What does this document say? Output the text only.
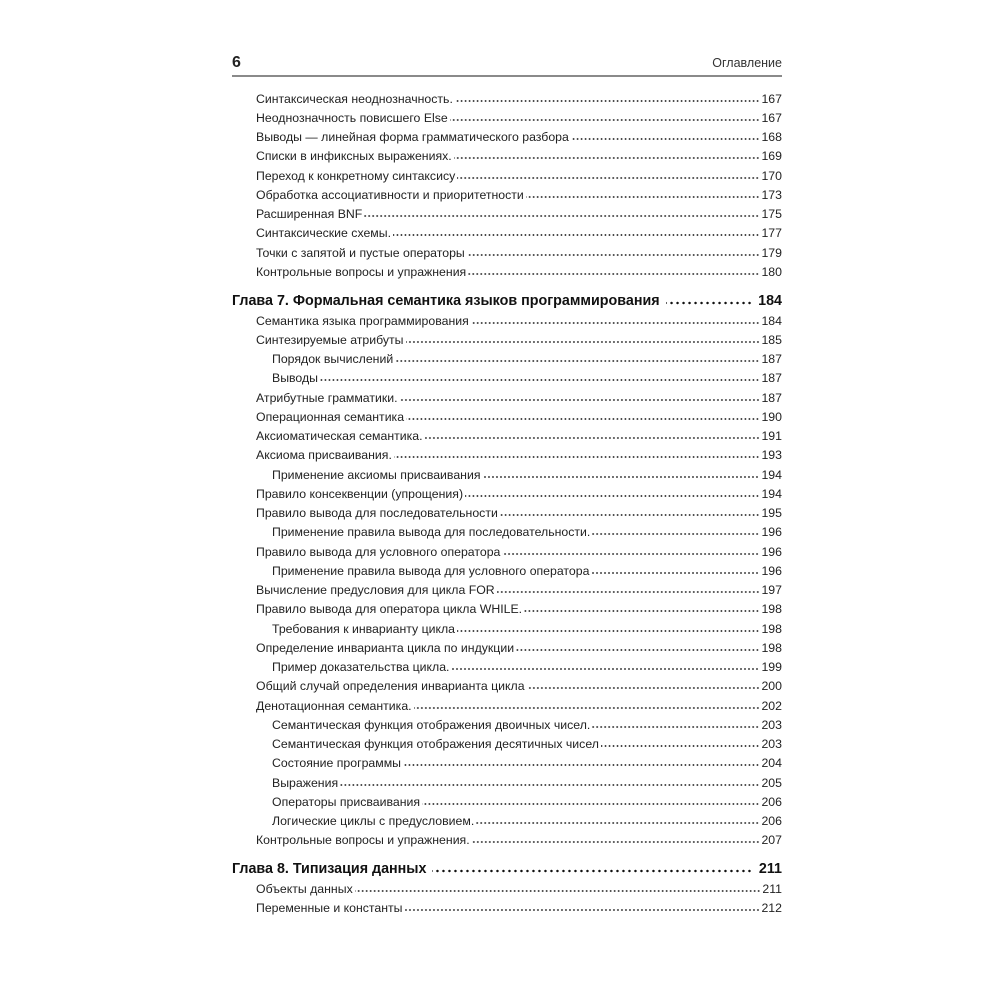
6	Оглавление
Синтаксическая неоднозначность.	167
Неоднозначность повисшего Else	167
Выводы — линейная форма грамматического разбора	168
Списки в инфиксных выражениях.	169
Переход к конкретному синтаксису	170
Обработка ассоциативности и приоритетности	173
Расширенная BNF	175
Синтаксические схемы.	177
Точки с запятой и пустые операторы	179
Контрольные вопросы и упражнения	180
Глава 7. Формальная семантика языков программирования	184
Семантика языка программирования	184
Синтезируемые атрибуты	185
Порядок вычислений	187
Выводы	187
Атрибутные грамматики.	187
Операционная семантика	190
Аксиоматическая семантика.	191
Аксиома присваивания.	193
Применение аксиомы присваивания	194
Правило консеквенции (упрощения)	194
Правило вывода для последовательности	195
Применение правила вывода для последовательности.	196
Правило вывода для условного оператора	196
Применение правила вывода для условного оператора	196
Вычисление предусловия для цикла FOR	197
Правило вывода для оператора цикла WHILE.	198
Требования к инварианту цикла	198
Определение инварианта цикла по индукции	198
Пример доказательства цикла.	199
Общий случай определения инварианта цикла	200
Денотационная семантика.	202
Семантическая функция отображения двоичных чисел.	203
Семантическая функция отображения десятичных чисел	203
Состояние программы	204
Выражения	205
Операторы присваивания	206
Логические циклы с предусловием.	206
Контрольные вопросы и упражнения.	207
Глава 8. Типизация данных	211
Объекты данных	211
Переменные и константы	212
